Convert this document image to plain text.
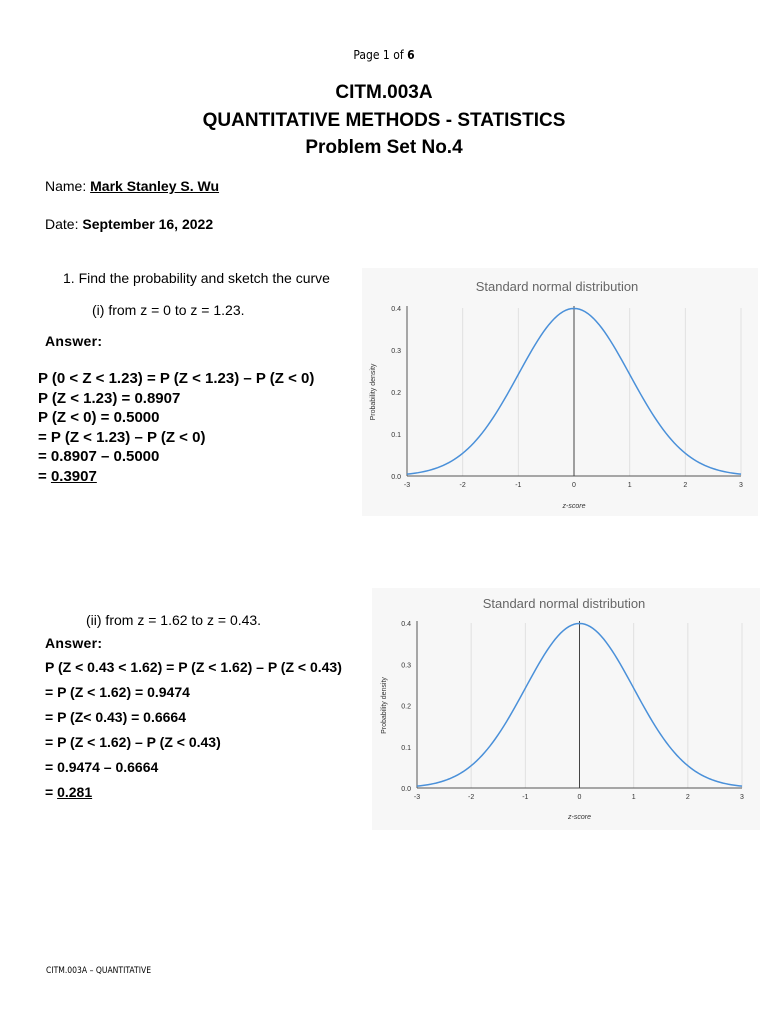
Page 1 of 6
CITM.003A
QUANTITATIVE METHODS - STATISTICS
Problem Set No.4
Name: Mark Stanley S. Wu
Date: September 16, 2022
1. Find the probability and sketch the curve
(i) from z = 0 to z = 1.23.
Answer:
P (0 < Z < 1.23) = P (Z < 1.23) – P (Z < 0)
P (Z < 1.23) = 0.8907
P (Z < 0) = 0.5000
= P (Z < 1.23) – P (Z < 0)
= 0.8907 – 0.5000
= 0.3907
Standard normal distribution
0.0
0.1
0.2
0.3
0.4
-3	-2	-1	0	1	2	3
Probability density
z-score
(ii) from z = 1.62 to z = 0.43.
Answer:
P (Z < 0.43 < 1.62) = P (Z < 1.62) – P (Z < 0.43)
= P (Z < 1.62) = 0.9474
= P (Z< 0.43) = 0.6664
= P (Z < 1.62) – P (Z < 0.43)
= 0.9474 – 0.6664
= 0.281
Standard normal distribution
0.0
0.1
0.2
0.3
0.4
-3	-2	-1	0	1	2	3
Probability density
z-score
CITM.003A – QUANTITATIVE
